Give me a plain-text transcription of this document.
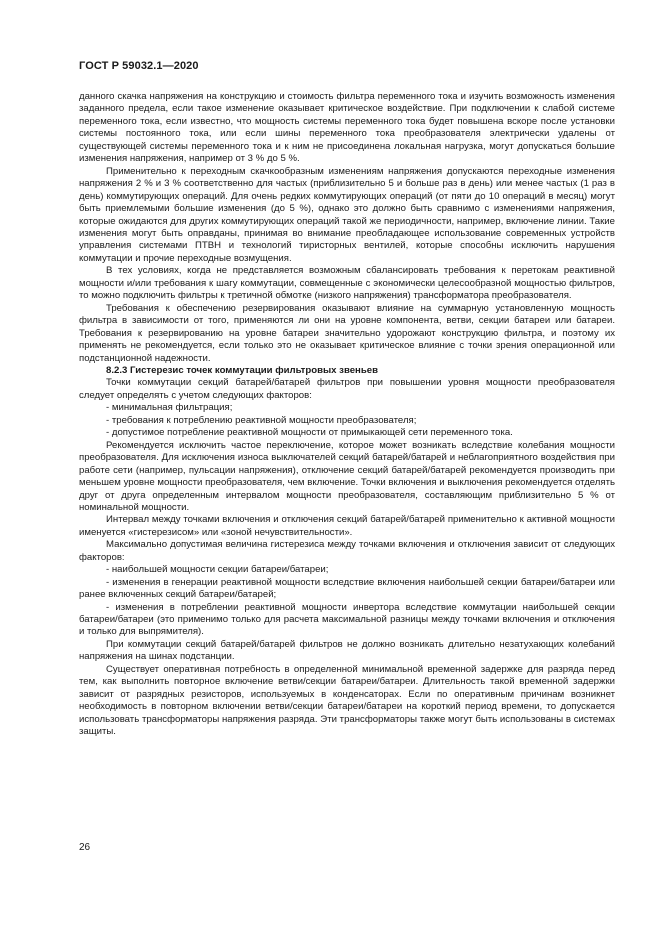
ГОСТ Р 59032.1—2020

данного скачка напряжения на конструкцию и стоимость фильтра переменного тока и изучить возможность изменения заданного предела, если такое изменение оказывает критическое воздействие. При подключении к слабой системе переменного тока, если известно, что мощность системы переменного тока будет повышена вскоре после установки системы постоянного тока, или если шины переменного тока преобразователя электрически удалены от существующей системы переменного тока и к ним не присоединена локальная нагрузка, могут допускаться большие изменения напряжения, например от 3 % до 5 %.

Применительно к переходным скачкообразным изменениям напряжения допускаются переходные изменения напряжения 2 % и 3 % соответственно для частых (приблизительно 5 и больше раз в день) или менее частых (1 раз в день) коммутирующих операций. Для очень редких коммутирующих операций (от пяти до 10 операций в месяц) могут быть приемлемыми большие изменения (до 5 %), однако это должно быть сравнимо с изменениями напряжения, которые ожидаются для других коммутирующих операций такой же периодичности, например, включение линии. Такие изменения могут быть оправданы, принимая во внимание преобладающее использование современных устройств управления системами ПТВН и технологий тиристорных вентилей, которые способны исключить нарушения коммутации и прочие переходные возмущения.

В тех условиях, когда не представляется возможным сбалансировать требования к перетокам реактивной мощности и/или требования к шагу коммутации, совмещенные с экономически целесообразной мощностью фильтров, то можно подключить фильтры к третичной обмотке (низкого напряжения) трансформатора преобразователя.

Требования к обеспечению резервирования оказывают влияние на суммарную установленную мощность фильтра в зависимости от того, применяются ли они на уровне компонента, ветви, секции батареи или батареи. Требования к резервированию на уровне батареи значительно удорожают конструкцию фильтра, и поэтому их применять не рекомендуется, если только это не оказывает критическое влияние с точки зрения операционной или подстанционной надежности.

8.2.3 Гистерезис точек коммутации фильтровых звеньев

Точки коммутации секций батарей/батарей фильтров при повышении уровня мощности преобразователя следует определять с учетом следующих факторов:

- минимальная фильтрация;

- требования к потреблению реактивной мощности преобразователя;

- допустимое потребление реактивной мощности от примыкающей сети переменного тока.

Рекомендуется исключить частое переключение, которое может возникать вследствие колебания мощности преобразователя. Для исключения износа выключателей секций батарей/батарей и неблагоприятного воздействия при работе сети (например, пульсации напряжения), отключение секций батарей/батарей рекомендуется производить при меньшем уровне мощности преобразователя, чем включение. Точки включения и выключения рекомендуется отделять друг от друга определенным интервалом мощности преобразователя, составляющим приблизительно 5 % от номинальной мощности.

Интервал между точками включения и отключения секций батарей/батарей применительно к активной мощности именуется «гистерезисом» или «зоной нечувствительности».

Максимально допустимая величина гистерезиса между точками включения и отключения зависит от следующих факторов:

- наибольшей мощности секции батареи/батареи;

- изменения в генерации реактивной мощности вследствие включения наибольшей секции батареи/батареи или ранее включенных секций батареи/батарей;

- изменения в потреблении реактивной мощности инвертора вследствие коммутации наибольшей секции батареи/батареи (это применимо только для расчета максимальной разницы между точками включения и отключения и только для выпрямителя).

При коммутации секций батарей/батарей фильтров не должно возникать длительно незатухающих колебаний напряжения на шинах подстанции.

Существует оперативная потребность в определенной минимальной временной задержке для разряда перед тем, как выполнить повторное включение ветви/секции батареи/батареи. Длительность такой временной задержки зависит от разрядных резисторов, используемых в конденсаторах. Если по оперативным причинам возникнет необходимость в повторном включении ветви/секции батареи/батареи на короткий период времени, то допускается использовать трансформаторы напряжения разряда. Эти трансформаторы также могут быть использованы в системах защиты.

26
